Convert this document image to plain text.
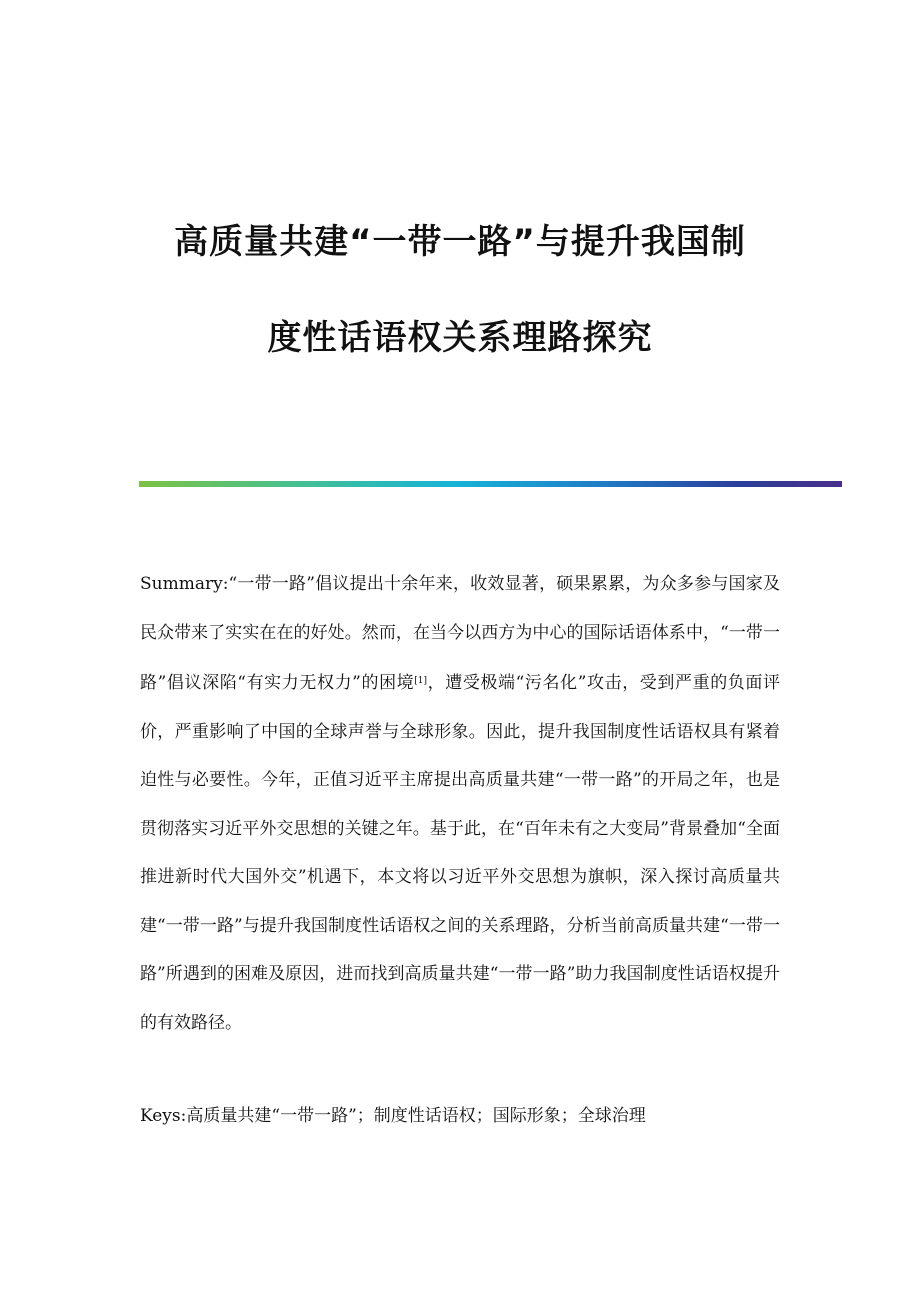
高质量共建“一带一路”与提升我国制
度性话语权关系理路探究

Summary:“一带一路”倡议提出十余年来，收效显著，硕果累累，为众多参与国家及民众带来了实实在在的好处。然而，在当今以西方为中心的国际话语体系中，“一带一路”倡议深陷“有实力无权力”的困境[1]，遭受极端“污名化”攻击，受到严重的负面评价，严重影响了中国的全球声誉与全球形象。因此，提升我国制度性话语权具有紧着迫性与必要性。今年，正值习近平主席提出高质量共建“一带一路”的开局之年，也是贯彻落实习近平外交思想的关键之年。基于此，在“百年未有之大变局”背景叠加“全面推进新时代大国外交”机遇下，本文将以习近平外交思想为旗帜，深入探讨高质量共建“一带一路”与提升我国制度性话语权之间的关系理路，分析当前高质量共建“一带一路”所遇到的困难及原因，进而找到高质量共建“一带一路”助力我国制度性话语权提升的有效路径。

Keys:高质量共建“一带一路”；制度性话语权；国际形象；全球治理
